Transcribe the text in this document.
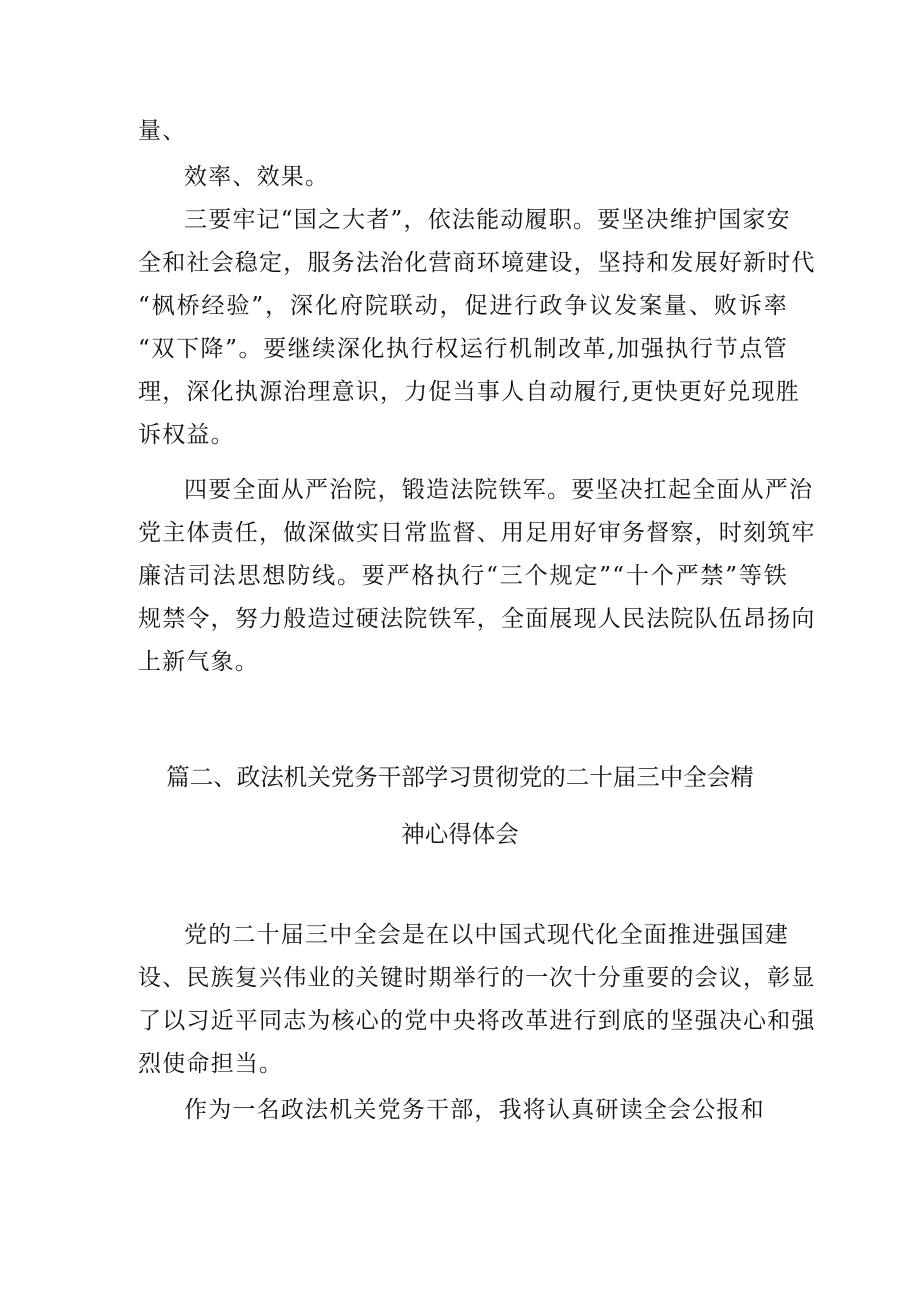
量、
效率、效果。
三要牢记“国之大者”，依法能动履职。要坚决维护国家安
全和社会稳定，服务法治化营商环境建设，坚持和发展好新时代
“枫桥经验”，深化府院联动，促进行政争议发案量、败诉率
“双下降”。要继续深化执行权运行机制改革,加强执行节点管
理，深化执源治理意识，力促当事人自动履行,更快更好兑现胜
诉权益。
四要全面从严治院，锻造法院铁军。要坚决扛起全面从严治
党主体责任，做深做实日常监督、用足用好审务督察，时刻筑牢
廉洁司法思想防线。要严格执行“三个规定”“十个严禁”等铁
规禁令，努力般造过硬法院铁军，全面展现人民法院队伍昂扬向
上新气象。
篇二、政法机关党务干部学习贯彻党的二十届三中全会精
神心得体会
党的二十届三中全会是在以中国式现代化全面推进强国建
设、民族复兴伟业的关键时期举行的一次十分重要的会议，彰显
了以习近平同志为核心的党中央将改革进行到底的坚强决心和强
烈使命担当。
作为一名政法机关党务干部，我将认真研读全会公报和
